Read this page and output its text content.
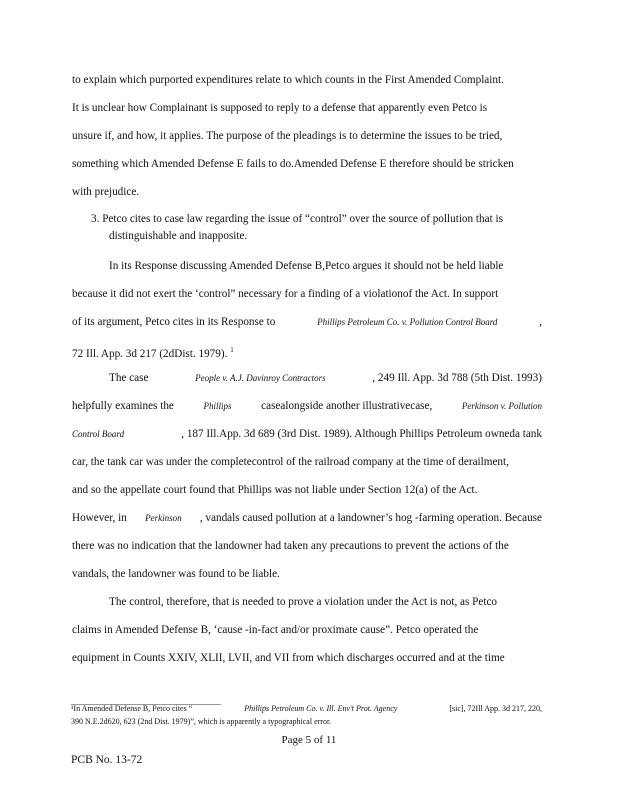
to explain which purported expenditures relate to which counts in the First Amended Complaint.
It is unclear how Complainant is supposed to reply to a defense that apparently even Petco is
unsure if, and how, it applies. The purpose of the pleadings is to determine the issues to be tried,
something which Amended Defense E fails to do.Amended Defense E therefore should be stricken
with prejudice.
3. Petco cites to case law regarding the issue of “control” over the source of pollution that is
distinguishable and inapposite.
In its Response discussing Amended Defense B,Petco argues it should not be held liable
because it did not exert the ‘control” necessary for a finding of a violationof the Act. In support
of its argument, Petco cites in its Response to	Phillips Petroleum Co. v. Pollution Control Board	,
72 Ill. App. 3d 217 (2dDist. 1979). $^1$
The case	People v. A.J. Davinroy Contractors	, 249 Ill. App. 3d 788 (5th Dist. 1993)
helpfully examines the	Phillips	casealongside another illustrativecase,	Perkinson v. Pollution
Control Board	, 187 Ill.App. 3d 689 (3rd Dist. 1989). Although Phillips Petroleum owneda tank
car, the tank car was under the completecontrol of the railroad company at the time of derailment,
and so the appellate court found that Phillips was not liable under Section 12(a) of the Act.
However, in Perkinson , vandals caused pollution at a landowner’s hog -farming operation. Because
there was no indication that the landowner had taken any precautions to prevent the actions of the
vandals, the landowner was found to be liable.
The control, therefore, that is needed to prove a violation under the Act is not, as Petco
claims in Amended Defense B, ‘cause -in-fact and/or proximate cause”. Petco operated the
equipment in Counts XXIV, XLII, LVII, and VII from which discharges occurred and at the time
¹In Amended Defense B, Petco cites “	Phillips Petroleum Co. v. Ill. Env’t Prot. Agency	[sic], 72Ill App. 3d 217, 220,
390 N.E.2d620, 623 (2nd Dist. 1979)”, which is apparently a typographical error.
Page 5 of 11
PCB No. 13-72
